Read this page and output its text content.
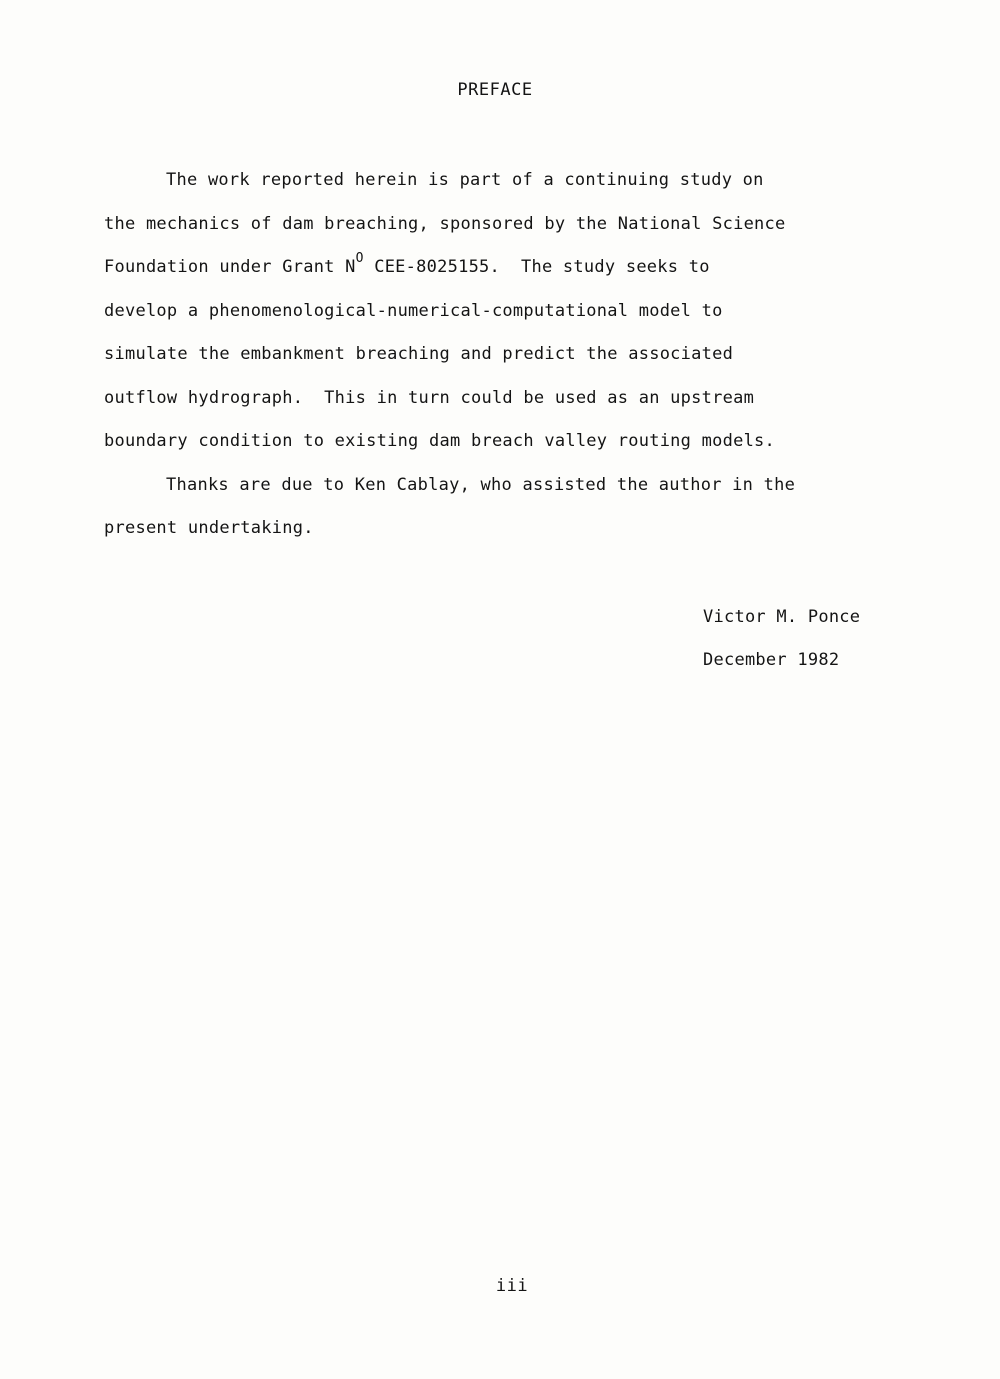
PREFACE
The work reported herein is part of a continuing study on
the mechanics of dam breaching, sponsored by the National Science
Foundation under Grant $N^O$ CEE-8025155.  The study seeks to
develop a phenomenological-numerical-computational model to
simulate the embankment breaching and predict the associated
outflow hydrograph.  This in turn could be used as an upstream
boundary condition to existing dam breach valley routing models.
Thanks are due to Ken Cablay, who assisted the author in the
present undertaking.
Victor M. Ponce
December 1982
iii
